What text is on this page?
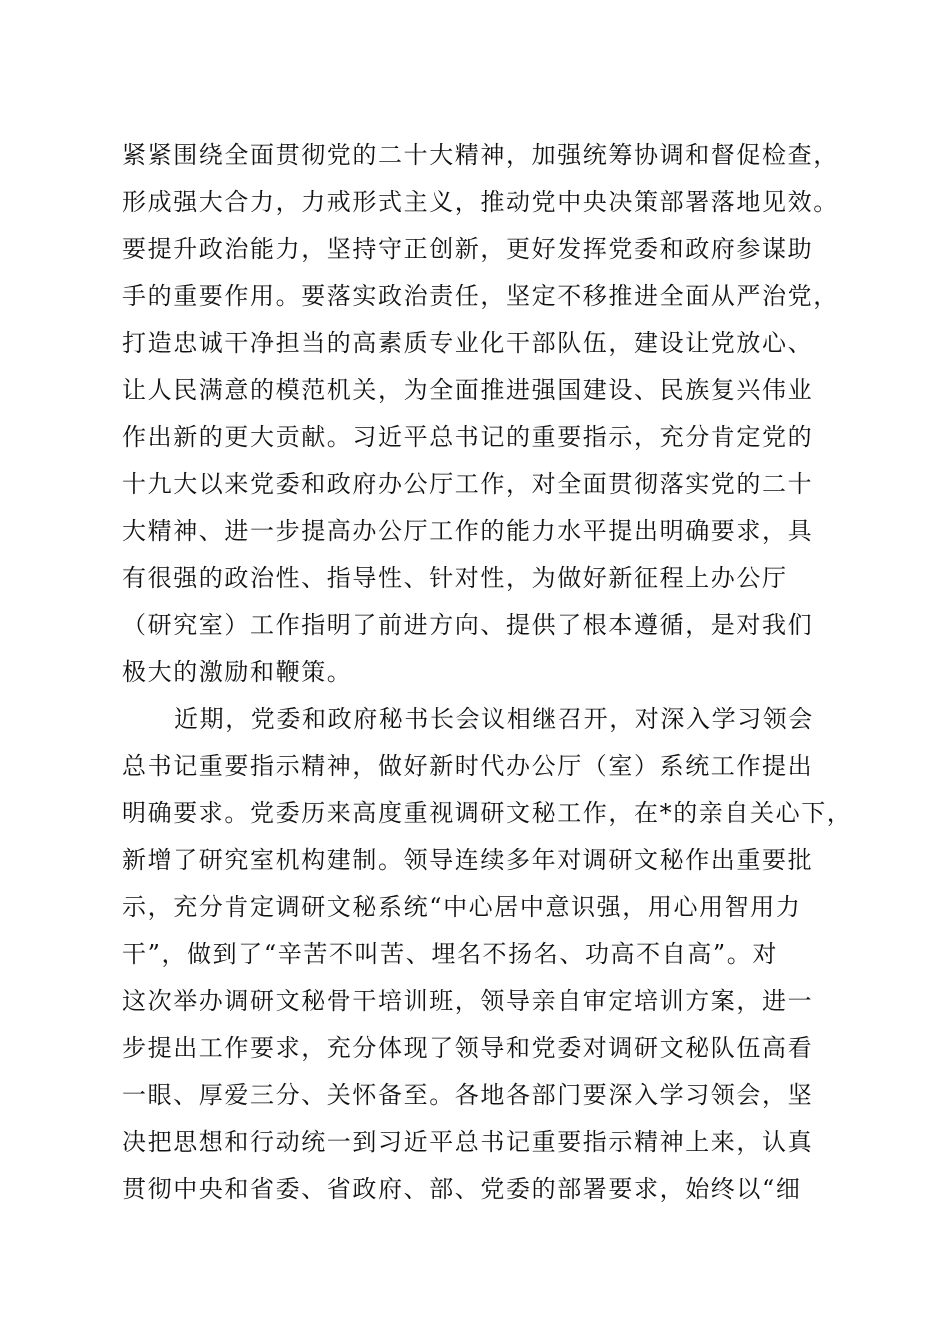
紧紧围绕全面贯彻党的二十大精神，加强统筹协调和督促检查，
形成强大合力，力戒形式主义，推动党中央决策部署落地见效。
要提升政治能力，坚持守正创新，更好发挥党委和政府参谋助
手的重要作用。要落实政治责任，坚定不移推进全面从严治党，
打造忠诚干净担当的高素质专业化干部队伍，建设让党放心、
让人民满意的模范机关，为全面推进强国建设、民族复兴伟业
作出新的更大贡献。习近平总书记的重要指示，充分肯定党的
十九大以来党委和政府办公厅工作，对全面贯彻落实党的二十
大精神、进一步提高办公厅工作的能力水平提出明确要求，具
有很强的政治性、指导性、针对性，为做好新征程上办公厅
（研究室）工作指明了前进方向、提供了根本遵循，是对我们
极大的激励和鞭策。

近期，党委和政府秘书长会议相继召开，对深入学习领会
总书记重要指示精神，做好新时代办公厅（室）系统工作提出
明确要求。党委历来高度重视调研文秘工作，在*的亲自关心下，
新增了研究室机构建制。领导连续多年对调研文秘作出重要批
示，充分肯定调研文秘系统“中心居中意识强，用心用智用力
干”，做到了“辛苦不叫苦、埋名不扬名、功高不自高”。对
这次举办调研文秘骨干培训班，领导亲自审定培训方案，进一
步提出工作要求，充分体现了领导和党委对调研文秘队伍高看
一眼、厚爱三分、关怀备至。各地各部门要深入学习领会，坚
决把思想和行动统一到习近平总书记重要指示精神上来，认真
贯彻中央和省委、省政府、部、党委的部署要求，始终以“细
